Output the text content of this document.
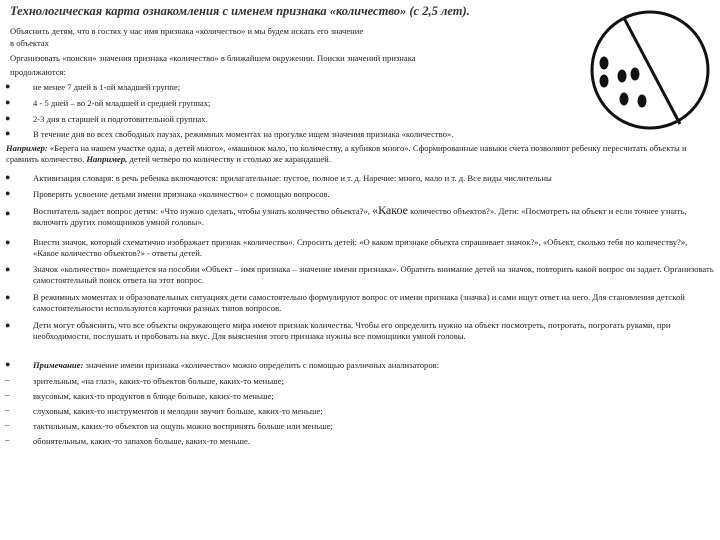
Технологическая карта ознакомления с именем признака «количество» (с 2,5 лет).
Объяснить детям, что в гостях у нас имя признака «количество» и мы будем искать его значение
в объектах
Организовать «поиски» значения признака «количество» в ближайшем окружении. Поиски значений признака
продолжаются:
●	не менее 7 дней в 1-ой младшей группе;
●	4 - 5 дней – во 2-ой младшей и средней группах;
●	2-3 дня в старшей и подготовительной группах.
●	В течение дня во всех свободных паузах, режимных моментах на прогулке ищем значения признака «количество».
Например: «Берега на нашем участке одна, а детей много», «машинок мало, по количеству, а кубиков много». Сформированные навыки счета позволяют ребенку пересчитать объекты и сравнить количество. Например, детей четверо по количеству и столько же карандашей.
●	Активизация словаря: в речь ребенка включаются: прилагательные: пустое, полное и т. д. Наречие: много, мало и т. д. Все виды числительны
●	Проверить усвоение детьми имени признака «количество» с помощью вопросов.
●	Воспитатель задает вопрос детям: «Что нужно сделать, чтобы узнать количество объекта?», «Какое количество объектов?». Дети: «Посмотреть на объект и если точнее узнать, включить других помощников умной головы».
●	Внести значок, который схематично изображает признак «количество». Спросить детей: «О каком признаке объекта спрашивает значок?», «Объект, сколько тебя по количеству?», «Какое количество объектов?» - ответы детей.
●	Значок «количество» помещается на пособии «Объект – имя признака – значение имени признака». Обратить внимание детей на значок, повторить какой вопрос он задает. Организовать самостоятельный поиск ответа на этот вопрос.
●	В режимных моментах и образовательных ситуациях дети самостоятельно формулируют вопрос от имени признака (значка) и сами ищут ответ на него. Для становления детской самостоятельности используются карточки разных типов вопросов.
●	Дети могут объяснить, что все объекты окружающего мира имеют признак количества. Чтобы его определить нужно на объект посмотреть, потрогать, погрогать руками, при необходимости, послушать и пробовать на вкус. Для выяснения этого признака нужны все помощники умной головы.
●	Примечание: значение имени признака «количество» можно определить с помощью различных анализаторов:
–	зрительным, «на глаз», каких-то объектов больше, каких-то меньше;
–	вкусовым, каких-то продуктов в блюде больше, каких-то меньше;
–	слуховым, каких-то инструментов и мелодии звучит больше, каких-то меньше;
–	тактильным, каких-то объектов на ощупь можно воспринять больше или меньше;
–	обонятельным, каких-то запахов больше, каких-то меньше.
